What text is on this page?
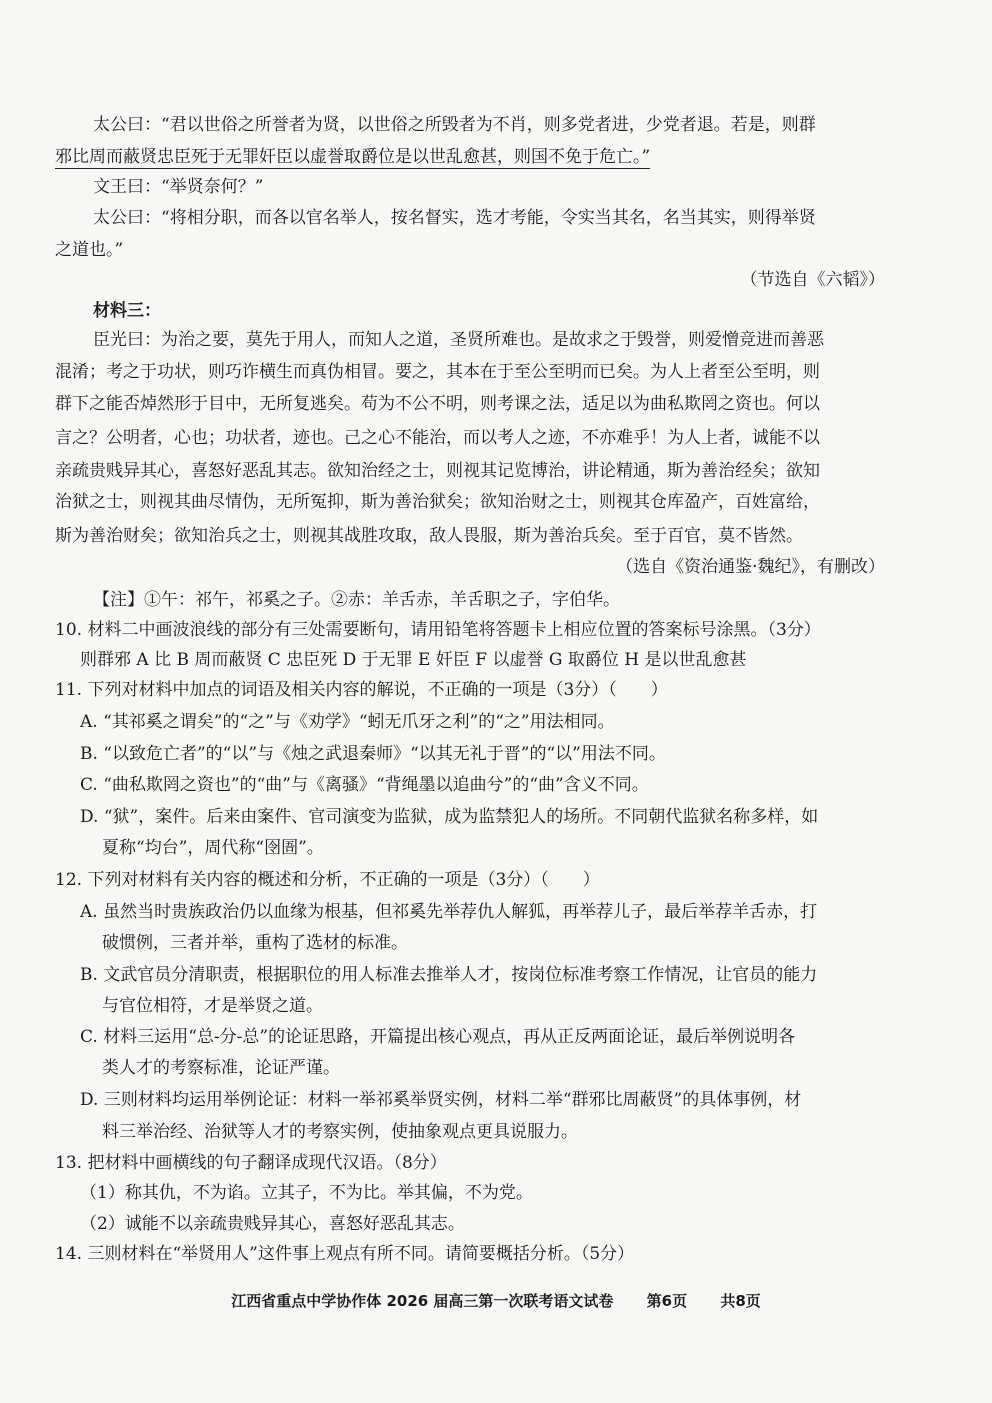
太公曰：“君以世俗之所誉者为贤，以世俗之所毁者为不肖，则多党者进，少党者退。若是，则群
邪比周而蔽贤忠臣死于无罪奸臣以虚誉取爵位是以世乱愈甚，则国不免于危亡。”
文王曰：“举贤奈何？”
太公曰：“将相分职，而各以官名举人，按名督实，选才考能，令实当其名，名当其实，则得举贤
之道也。”
（节选自《六韬》）
材料三：
臣光曰：为治之要，莫先于用人，而知人之道，圣贤所难也。是故求之于毁誉，则爱憎竞进而善恶
混淆；考之于功状，则巧诈横生而真伪相冒。要之，其本在于至公至明而已矣。为人上者至公至明，则
群下之能否焯然形于目中，无所复逃矣。苟为不公不明，则考课之法，适足以为曲私欺罔之资也。何以
言之？公明者，心也；功状者，迹也。己之心不能治，而以考人之迹，不亦难乎！为人上者，诚能不以
亲疏贵贱异其心，喜怒好恶乱其志。欲知治经之士，则视其记览博治，讲论精通，斯为善治经矣；欲知
治狱之士，则视其曲尽情伪，无所冤抑，斯为善治狱矣；欲知治财之士，则视其仓库盈产，百姓富给，
斯为善治财矣；欲知治兵之士，则视其战胜攻取，敌人畏服，斯为善治兵矣。至于百官，莫不皆然。
（选自《资治通鉴·魏纪》，有删改）
【注】①午：祁午，祁奚之子。②赤：羊舌赤，羊舌职之子，字伯华。
10. 材料二中画波浪线的部分有三处需要断句，请用铅笔将答题卡上相应位置的答案标号涂黑。（3分）
则群邪 A 比 B 周而蔽贤 C 忠臣死 D 于无罪 E 奸臣 F 以虚誉 G 取爵位 H 是以世乱愈甚
11. 下列对材料中加点的词语及相关内容的解说，不正确的一项是（3分）（　　）
A. “其祁奚之谓矣”的“之”与《劝学》“蚓无爪牙之利”的“之”用法相同。
B. “以致危亡者”的“以”与《烛之武退秦师》“以其无礼于晋”的“以”用法不同。
C. “曲私欺罔之资也”的“曲”与《离骚》“背绳墨以追曲兮”的“曲”含义不同。
D. “狱”，案件。后来由案件、官司演变为监狱，成为监禁犯人的场所。不同朝代监狱名称多样，如
夏称“均台”，周代称“囹圄”。
12. 下列对材料有关内容的概述和分析，不正确的一项是（3分）（　　）
A. 虽然当时贵族政治仍以血缘为根基，但祁奚先举荐仇人解狐，再举荐儿子，最后举荐羊舌赤，打
破惯例，三者并举，重构了选材的标准。
B. 文武官员分清职责，根据职位的用人标准去推举人才，按岗位标准考察工作情况，让官员的能力
与官位相符，才是举贤之道。
C. 材料三运用“总-分-总”的论证思路，开篇提出核心观点，再从正反两面论证，最后举例说明各
类人才的考察标准，论证严谨。
D. 三则材料均运用举例论证：材料一举祁奚举贤实例，材料二举“群邪比周蔽贤”的具体事例，材
料三举治经、治狱等人才的考察实例，使抽象观点更具说服力。
13. 把材料中画横线的句子翻译成现代汉语。（8分）
（1）称其仇，不为谄。立其子，不为比。举其偏，不为党。
（2）诚能不以亲疏贵贱异其心，喜怒好恶乱其志。
14. 三则材料在“举贤用人”这件事上观点有所不同。请简要概括分析。（5分）
江西省重点中学协作体 2026 届高三第一次联考语文试卷 第6页 共8页
